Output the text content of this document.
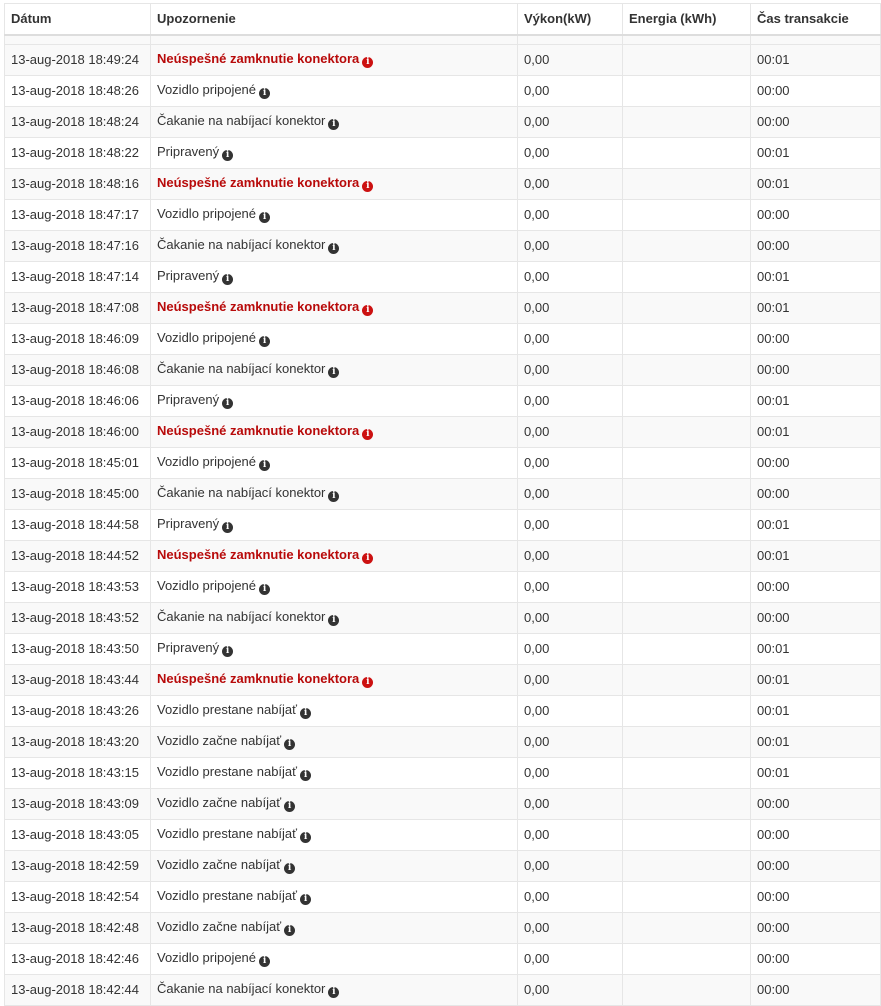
Dátum	Upozornenie	Výkon(kW)	Energia (kWh)	Čas transakcie

13-aug-2018 18:49:24	Neúspešné zamknutie konektora i	0,00		00:01
13-aug-2018 18:48:26	Vozidlo pripojené i	0,00		00:00
13-aug-2018 18:48:24	Čakanie na nabíjací konektor i	0,00		00:00
13-aug-2018 18:48:22	Pripravený i	0,00		00:01
13-aug-2018 18:48:16	Neúspešné zamknutie konektora i	0,00		00:01
13-aug-2018 18:47:17	Vozidlo pripojené i	0,00		00:00
13-aug-2018 18:47:16	Čakanie na nabíjací konektor i	0,00		00:00
13-aug-2018 18:47:14	Pripravený i	0,00		00:01
13-aug-2018 18:47:08	Neúspešné zamknutie konektora i	0,00		00:01
13-aug-2018 18:46:09	Vozidlo pripojené i	0,00		00:00
13-aug-2018 18:46:08	Čakanie na nabíjací konektor i	0,00		00:00
13-aug-2018 18:46:06	Pripravený i	0,00		00:01
13-aug-2018 18:46:00	Neúspešné zamknutie konektora i	0,00		00:01
13-aug-2018 18:45:01	Vozidlo pripojené i	0,00		00:00
13-aug-2018 18:45:00	Čakanie na nabíjací konektor i	0,00		00:00
13-aug-2018 18:44:58	Pripravený i	0,00		00:01
13-aug-2018 18:44:52	Neúspešné zamknutie konektora i	0,00		00:01
13-aug-2018 18:43:53	Vozidlo pripojené i	0,00		00:00
13-aug-2018 18:43:52	Čakanie na nabíjací konektor i	0,00		00:00
13-aug-2018 18:43:50	Pripravený i	0,00		00:01
13-aug-2018 18:43:44	Neúspešné zamknutie konektora i	0,00		00:01
13-aug-2018 18:43:26	Vozidlo prestane nabíjať i	0,00		00:01
13-aug-2018 18:43:20	Vozidlo začne nabíjať i	0,00		00:01
13-aug-2018 18:43:15	Vozidlo prestane nabíjať i	0,00		00:01
13-aug-2018 18:43:09	Vozidlo začne nabíjať i	0,00		00:00
13-aug-2018 18:43:05	Vozidlo prestane nabíjať i	0,00		00:00
13-aug-2018 18:42:59	Vozidlo začne nabíjať i	0,00		00:00
13-aug-2018 18:42:54	Vozidlo prestane nabíjať i	0,00		00:00
13-aug-2018 18:42:48	Vozidlo začne nabíjať i	0,00		00:00
13-aug-2018 18:42:46	Vozidlo pripojené i	0,00		00:00
13-aug-2018 18:42:44	Čakanie na nabíjací konektor i	0,00		00:00
